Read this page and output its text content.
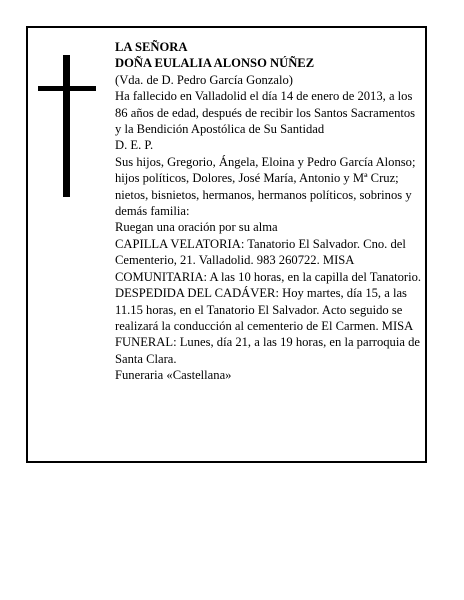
LA SEÑORA

DOÑA EULALIA ALONSO NÚÑEZ

(Vda. de D. Pedro García Gonzalo)

Ha fallecido en Valladolid el día 14 de enero de 2013, a los 86 años de edad, después de recibir los Santos Sacramentos y la Bendición Apostólica de Su Santidad

D. E. P.

Sus hijos, Gregorio, Ángela, Eloina y Pedro García Alonso; hijos políticos, Dolores, José María, Antonio y Mª Cruz; nietos, bisnietos, hermanos, hermanos políticos, sobrinos y demás familia:

Ruegan una oración por su alma

CAPILLA VELATORIA: Tanatorio El Salvador. Cno. del Cementerio, 21. Valladolid. 983 260722. MISA COMUNITARIA: A las 10 horas, en la capilla del Tanatorio.

DESPEDIDA DEL CADÁVER: Hoy martes, día 15, a las 11.15 horas, en el Tanatorio El Salvador. Acto seguido se realizará la conducción al cementerio de El Carmen. MISA FUNERAL: Lunes, día 21, a las 19 horas, en la parroquia de Santa Clara.

Funeraria «Castellana»
